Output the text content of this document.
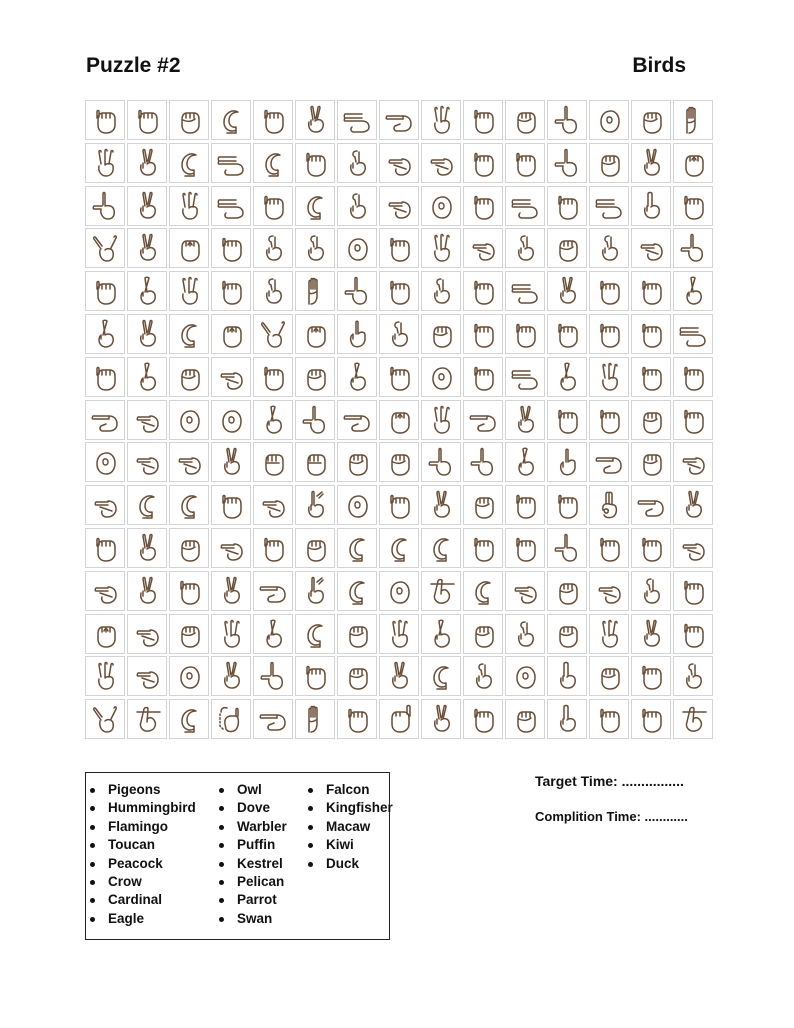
Puzzle #2	Birds
Pigeons
Hummingbird
Flamingo
Toucan
Peacock
Crow
Cardinal
Eagle
Owl
Dove
Warbler
Puffin
Kestrel
Pelican
Parrot
Swan
Falcon
Kingfisher
Macaw
Kiwi
Duck
Target Time: ................
Complition Time: ............
